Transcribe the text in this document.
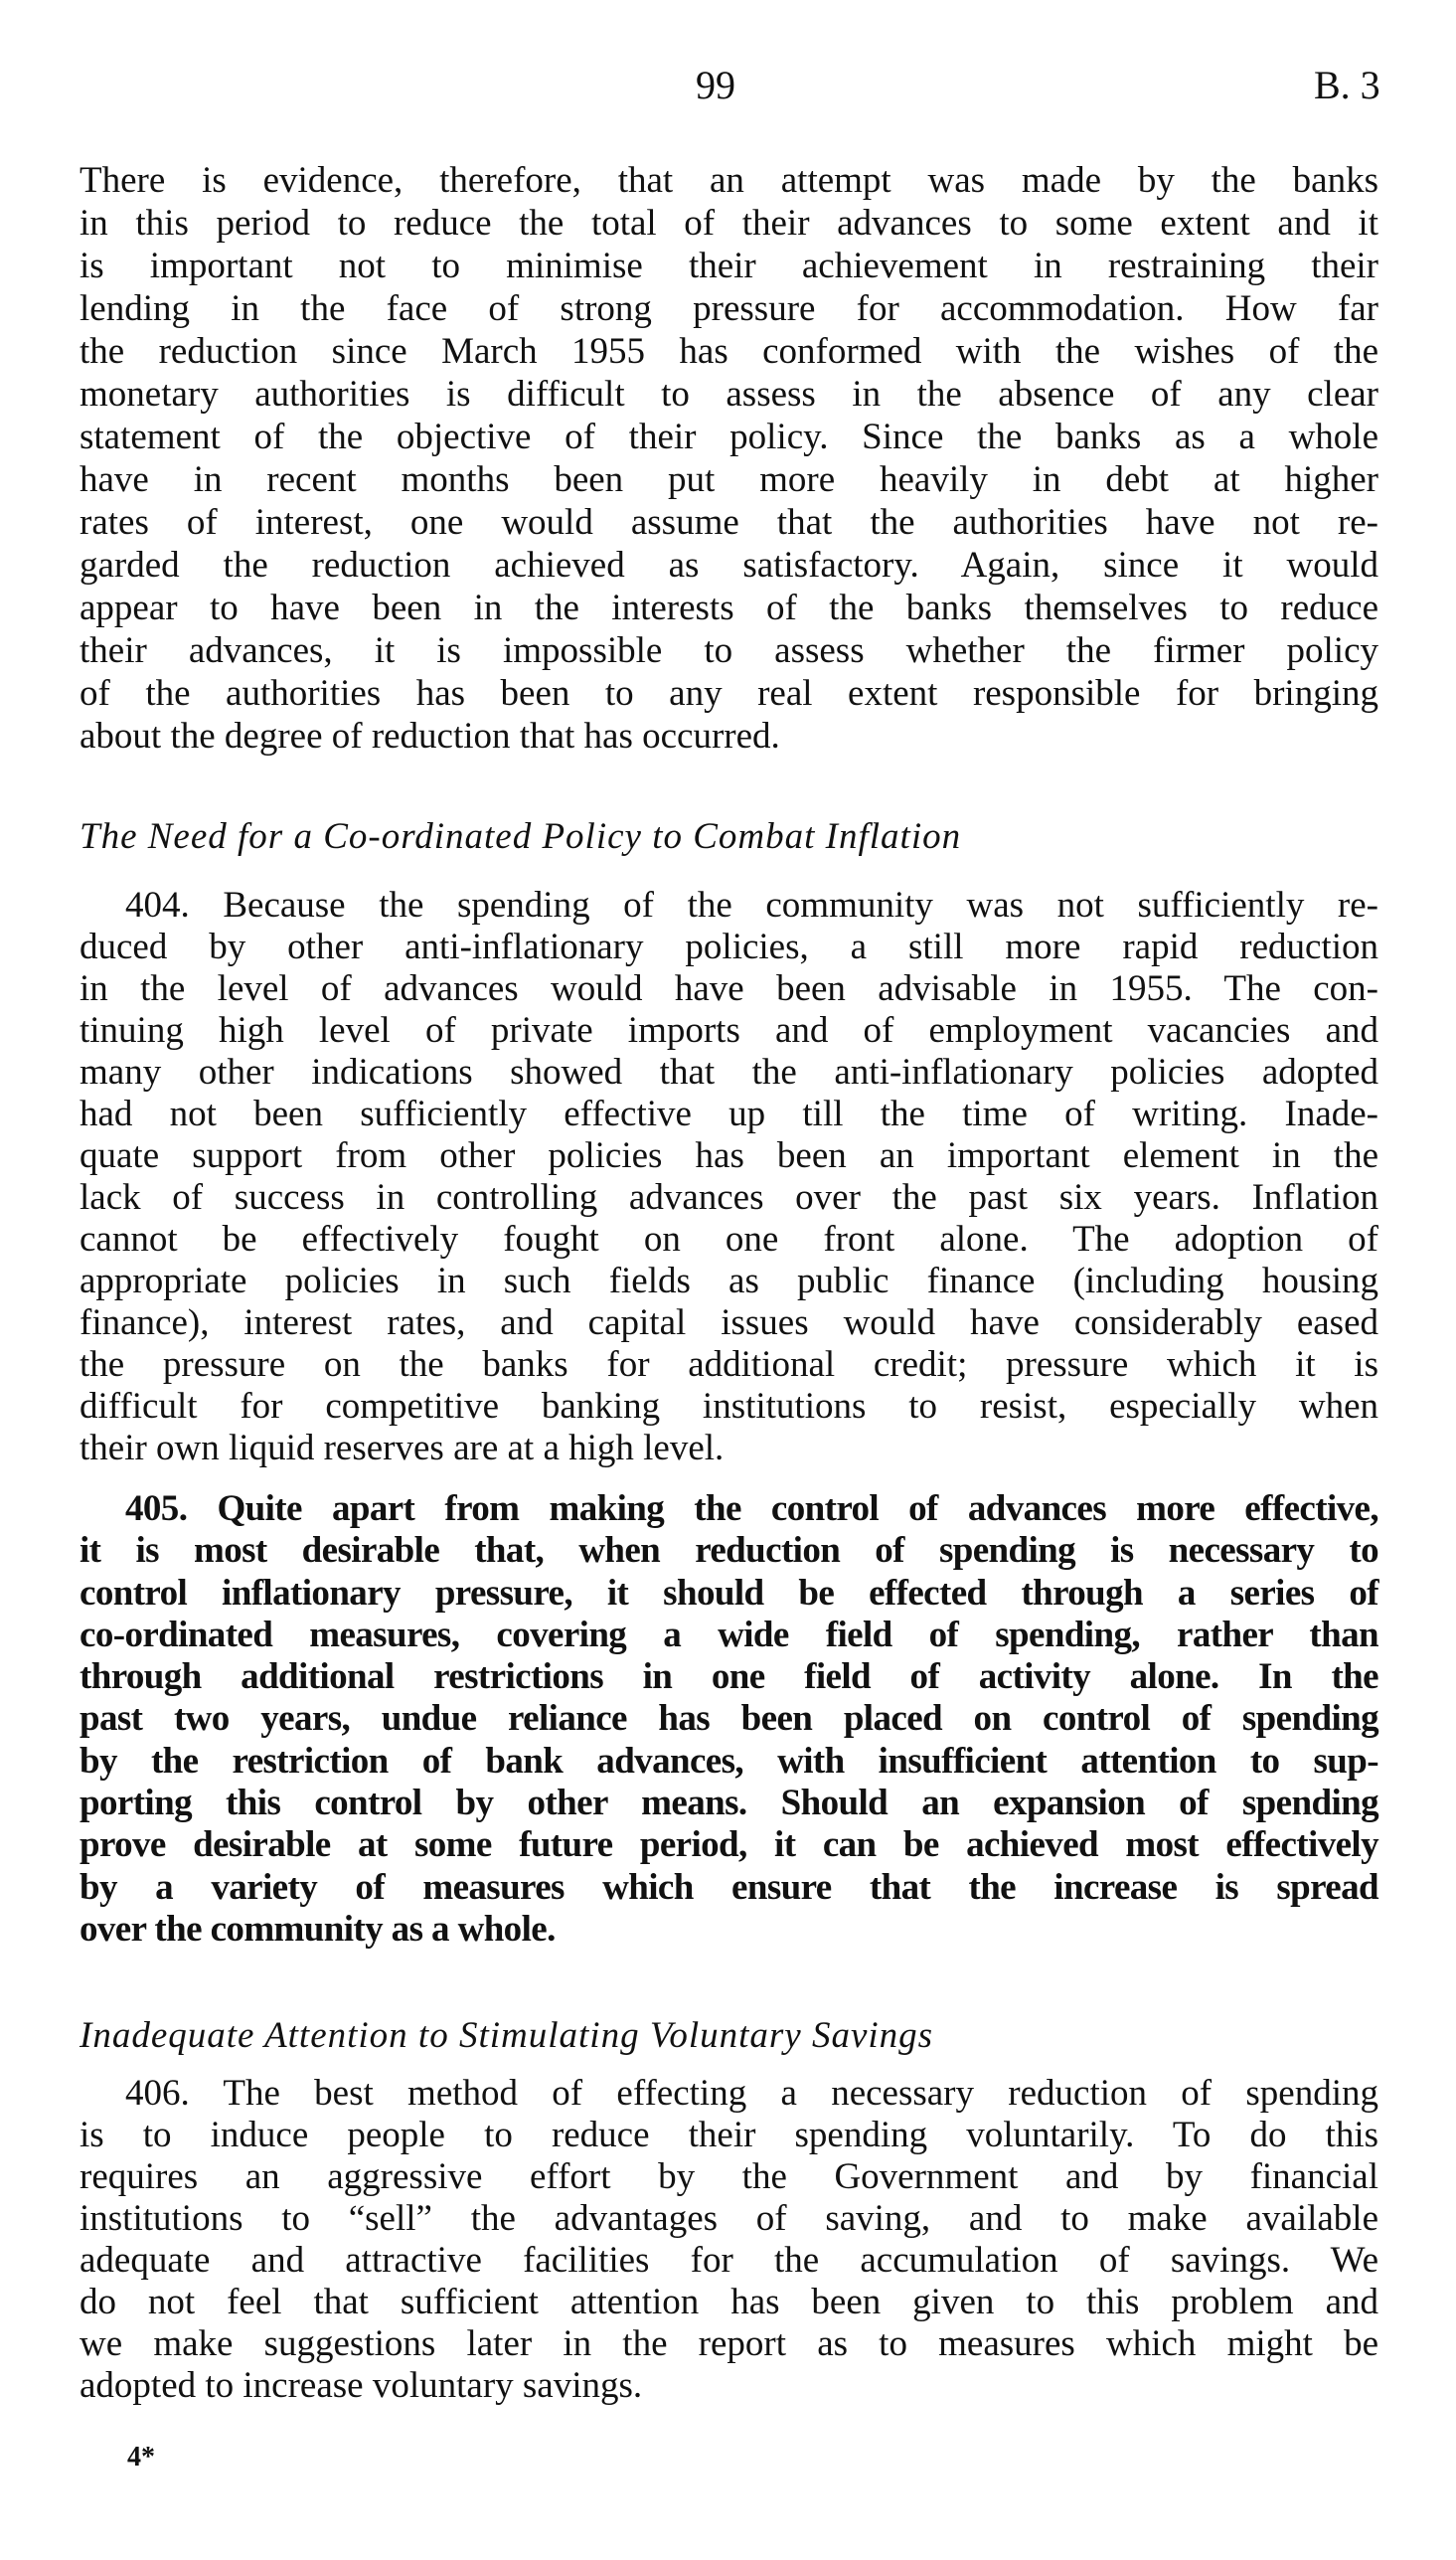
99	B. 3
There is evidence, therefore, that an attempt was made by the banks
in this period to reduce the total of their advances to some extent and it
is important not to minimise their achievement in restraining their
lending in the face of strong pressure for accommodation. How far
the reduction since March 1955 has conformed with the wishes of the
monetary authorities is difficult to assess in the absence of any clear
statement of the objective of their policy. Since the banks as a whole
have in recent months been put more heavily in debt at higher
rates of interest, one would assume that the authorities have not re-
garded the reduction achieved as satisfactory. Again, since it would
appear to have been in the interests of the banks themselves to reduce
their advances, it is impossible to assess whether the firmer policy
of the authorities has been to any real extent responsible for bringing
about the degree of reduction that has occurred.
The Need for a Co-ordinated Policy to Combat Inflation
404. Because the spending of the community was not sufficiently re-
duced by other anti-inflationary policies, a still more rapid reduction
in the level of advances would have been advisable in 1955. The con-
tinuing high level of private imports and of employment vacancies and
many other indications showed that the anti-inflationary policies adopted
had not been sufficiently effective up till the time of writing. Inade-
quate support from other policies has been an important element in the
lack of success in controlling advances over the past six years. Inflation
cannot be effectively fought on one front alone. The adoption of
appropriate policies in such fields as public finance (including housing
finance), interest rates, and capital issues would have considerably eased
the pressure on the banks for additional credit; pressure which it is
difficult for competitive banking institutions to resist, especially when
their own liquid reserves are at a high level.
405. Quite apart from making the control of advances more effective,
it is most desirable that, when reduction of spending is necessary to
control inflationary pressure, it should be effected through a series of
co-ordinated measures, covering a wide field of spending, rather than
through additional restrictions in one field of activity alone. In the
past two years, undue reliance has been placed on control of spending
by the restriction of bank advances, with insufficient attention to sup-
porting this control by other means. Should an expansion of spending
prove desirable at some future period, it can be achieved most effectively
by a variety of measures which ensure that the increase is spread
over the community as a whole.
Inadequate Attention to Stimulating Voluntary Savings
406. The best method of effecting a necessary reduction of spending
is to induce people to reduce their spending voluntarily. To do this
requires an aggressive effort by the Government and by financial
institutions to “sell” the advantages of saving, and to make available
adequate and attractive facilities for the accumulation of savings. We
do not feel that sufficient attention has been given to this problem and
we make suggestions later in the report as to measures which might be
adopted to increase voluntary savings.
4*
